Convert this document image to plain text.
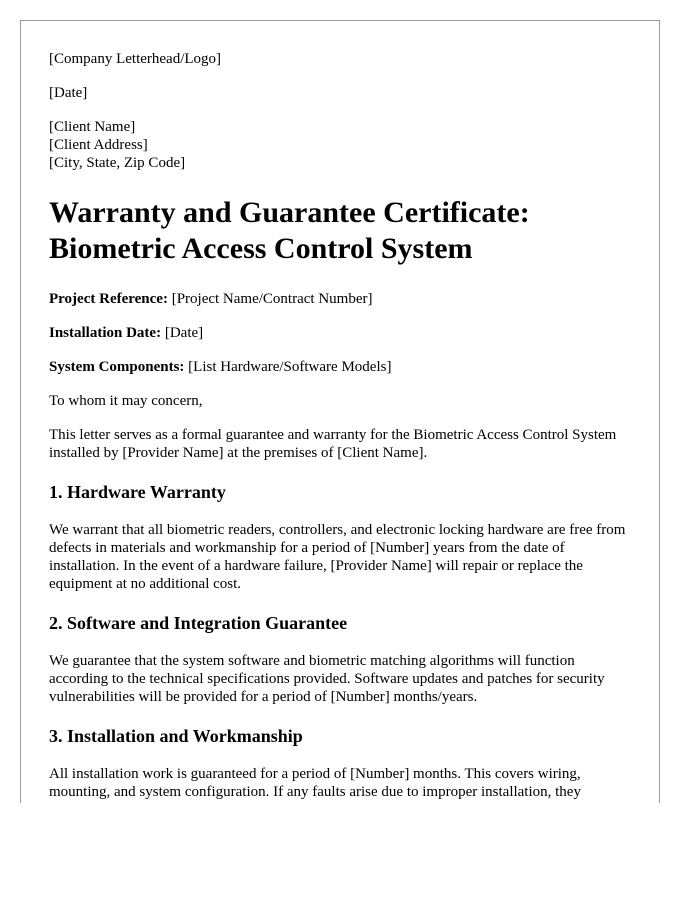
[Company Letterhead/Logo]

[Date]

[Client Name]

[Client Address]

[City, State, Zip Code]

Warranty and Guarantee Certificate:
Biometric Access Control System

Project Reference: [Project Name/Contract Number]

Installation Date: [Date]

System Components: [List Hardware/Software Models]

To whom it may concern,

This letter serves as a formal guarantee and warranty for the Biometric Access Control System installed by [Provider Name] at the premises of [Client Name].

1. Hardware Warranty

We warrant that all biometric readers, controllers, and electronic locking hardware are free from defects in materials and workmanship for a period of [Number] years from the date of installation. In the event of a hardware failure, [Provider Name] will repair or replace the equipment at no additional cost.

2. Software and Integration Guarantee

We guarantee that the system software and biometric matching algorithms will function according to the technical specifications provided. Software updates and patches for security vulnerabilities will be provided for a period of [Number] months/years.

3. Installation and Workmanship

All installation work is guaranteed for a period of [Number] months. This covers wiring, mounting, and system configuration. If any faults arise due to improper installation, they
